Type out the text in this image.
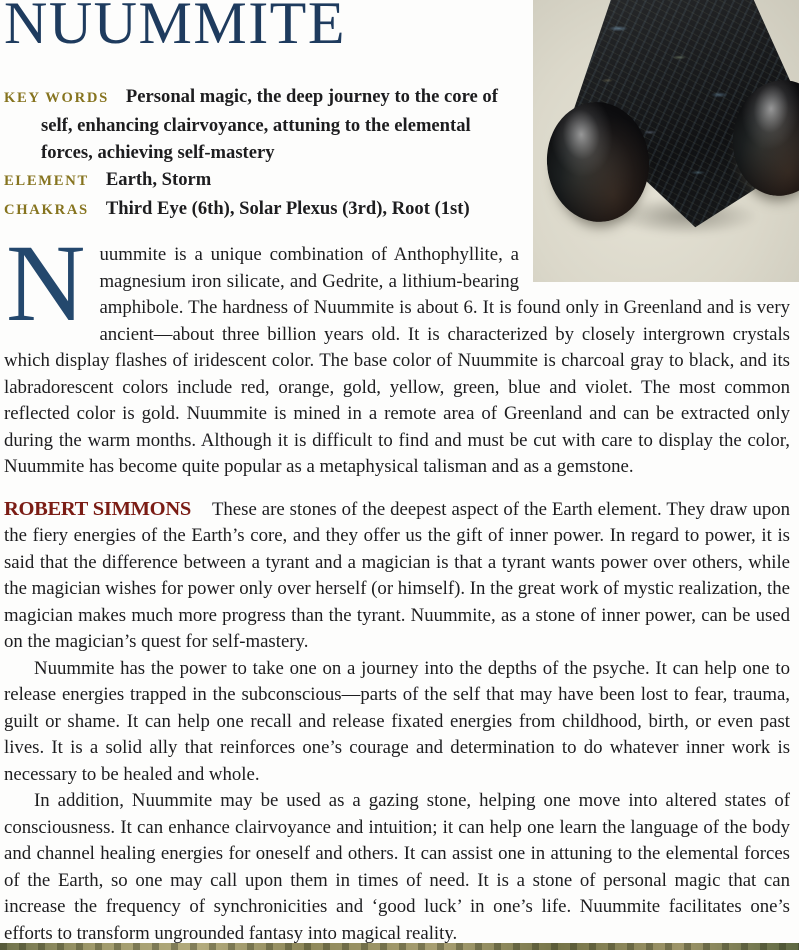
NUUMMITE
KEY WORDS Personal magic, the deep journey to the core of self, enhancing clairvoyance, attuning to the elemental forces, achieving self-mastery
ELEMENT Earth, Storm
CHAKRAS Third Eye (6th), Solar Plexus (3rd), Root (1st)

Nuummite is a unique combination of Anthophyllite, a magnesium iron silicate, and Gedrite, a lithium-bearing amphibole. The hardness of Nuummite is about 6. It is found only in Greenland and is very ancient—about three billion years old. It is characterized by closely intergrown crystals which display flashes of iridescent color. The base color of Nuummite is charcoal gray to black, and its labradorescent colors include red, orange, gold, yellow, green, blue and violet. The most common reflected color is gold. Nuummite is mined in a remote area of Greenland and can be extracted only during the warm months. Although it is difficult to find and must be cut with care to display the color, Nuummite has become quite popular as a metaphysical talisman and as a gemstone.

ROBERT SIMMONS These are stones of the deepest aspect of the Earth element. They draw upon the fiery energies of the Earth’s core, and they offer us the gift of inner power. In regard to power, it is said that the difference between a tyrant and a magician is that a tyrant wants power over others, while the magician wishes for power only over herself (or himself). In the great work of mystic realization, the magician makes much more progress than the tyrant. Nuummite, as a stone of inner power, can be used on the magician’s quest for self-mastery.

Nuummite has the power to take one on a journey into the depths of the psyche. It can help one to release energies trapped in the subconscious—parts of the self that may have been lost to fear, trauma, guilt or shame. It can help one recall and release fixated energies from childhood, birth, or even past lives. It is a solid ally that reinforces one’s courage and determination to do whatever inner work is necessary to be healed and whole.

In addition, Nuummite may be used as a gazing stone, helping one move into altered states of consciousness. It can enhance clairvoyance and intuition; it can help one learn the language of the body and channel healing energies for oneself and others. It can assist one in attuning to the elemental forces of the Earth, so one may call upon them in times of need. It is a stone of personal magic that can increase the frequency of synchronicities and ‘good luck’ in one’s life. Nuummite facilitates one’s efforts to transform ungrounded fantasy into magical reality.
